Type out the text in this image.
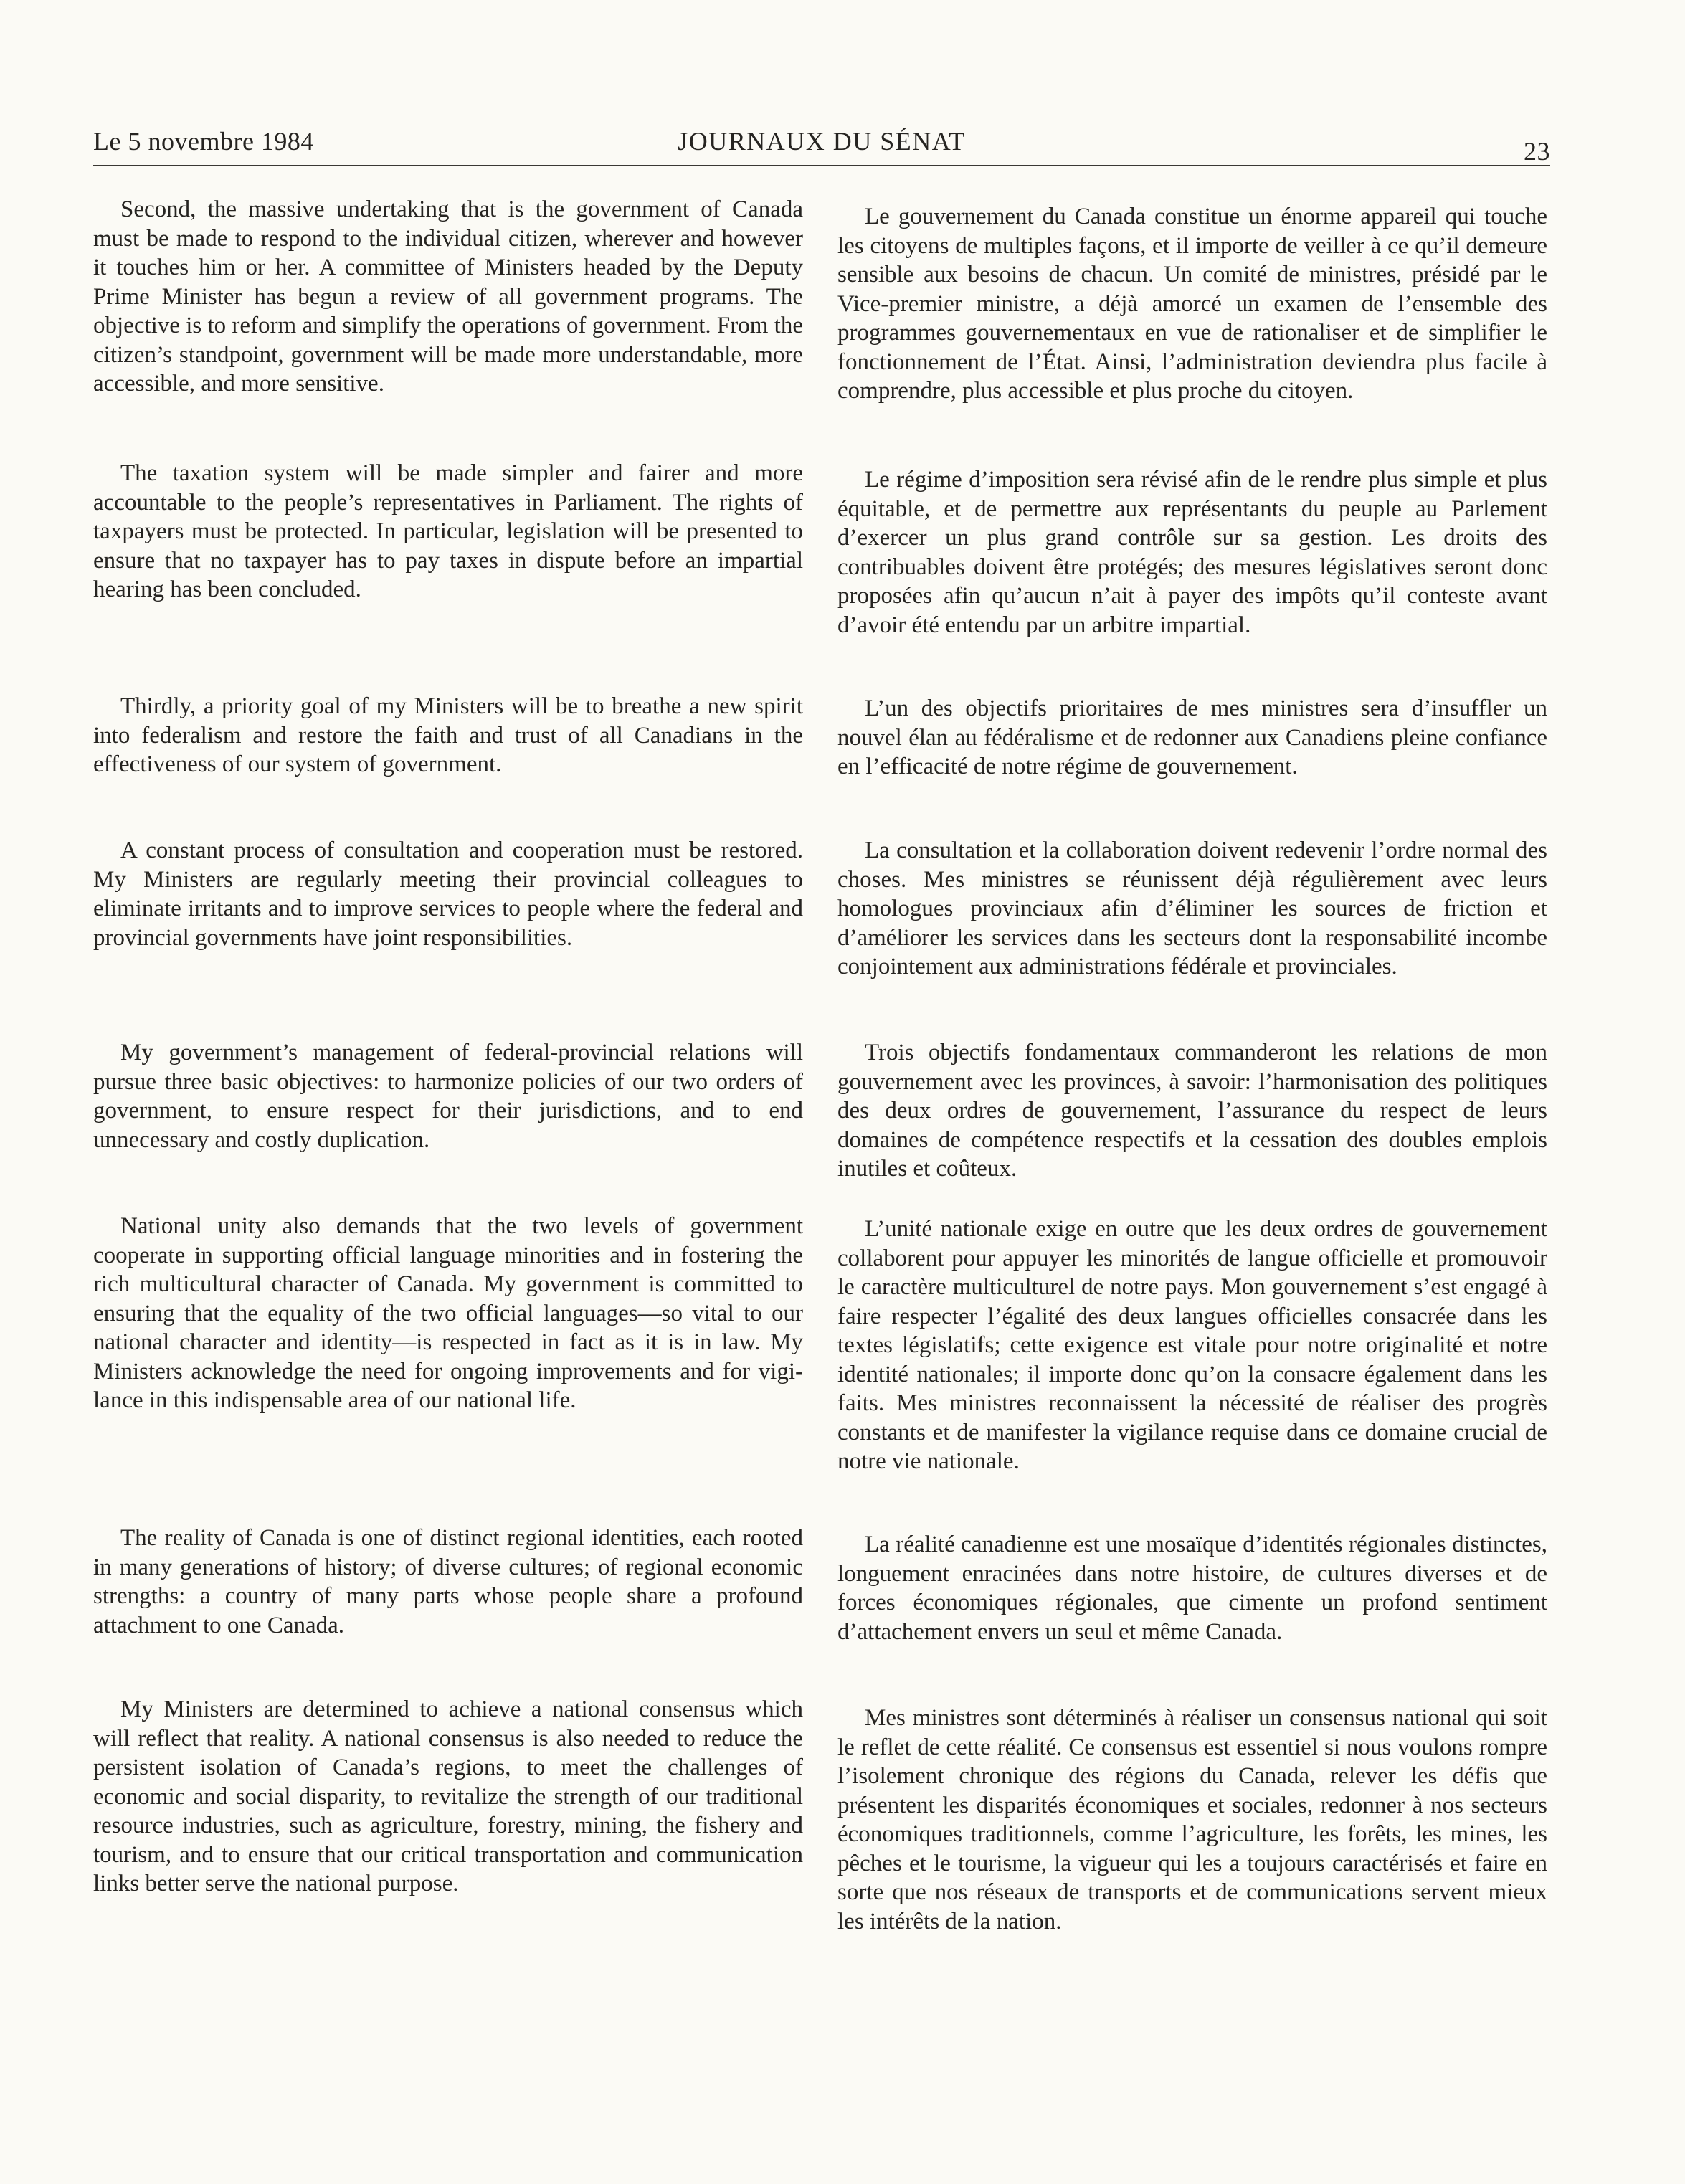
Le 5 novembre 1984	JOURNAUX DU SÉNAT	23

Second, the massive undertaking that is the government of Canada must be made to respond to the individual citizen, wherever and however it touches him or her. A committee of Ministers headed by the Deputy Prime Minister has begun a review of all government programs. The objective is to reform and simplify the operations of government. From the citizen’s standpoint, government will be made more understandable, more accessible, and more sensitive.

The taxation system will be made simpler and fairer and more accountable to the people’s representatives in Parliament. The rights of taxpayers must be protected. In particular, legislation will be presented to ensure that no taxpayer has to pay taxes in dispute before an impartial hearing has been concluded.

Thirdly, a priority goal of my Ministers will be to breathe a new spirit into federalism and restore the faith and trust of all Canadians in the effectiveness of our system of government.

A constant process of consultation and cooperation must be restored. My Ministers are regularly meeting their provincial colleagues to eliminate irritants and to improve services to people where the federal and provincial governments have joint responsibilities.

My government’s management of federal-provincial relations will pursue three basic objectives: to harmonize policies of our two orders of government, to ensure respect for their jurisdictions, and to end unnecessary and costly duplication.

National unity also demands that the two levels of government cooperate in supporting official language minorities and in fostering the rich multicultural character of Canada. My government is committed to ensuring that the equality of the two official languages—so vital to our national character and identity—is respected in fact as it is in law. My Ministers acknowledge the need for ongoing improvements and for vigilance in this indispensable area of our national life.

The reality of Canada is one of distinct regional identities, each rooted in many generations of history; of diverse cultures; of regional economic strengths: a country of many parts whose people share a profound attachment to one Canada.

My Ministers are determined to achieve a national consensus which will reflect that reality. A national consensus is also needed to reduce the persistent isolation of Canada’s regions, to meet the challenges of economic and social disparity, to revitalize the strength of our traditional resource industries, such as agriculture, forestry, mining, the fishery and tourism, and to ensure that our critical transportation and communication links better serve the national purpose.

Le gouvernement du Canada constitue un énorme appareil qui touche les citoyens de multiples façons, et il importe de veiller à ce qu’il demeure sensible aux besoins de chacun. Un comité de ministres, présidé par le Vice-premier ministre, a déjà amorcé un examen de l’ensemble des programmes gouvernementaux en vue de rationaliser et de simplifier le fonctionnement de l’État. Ainsi, l’administration deviendra plus facile à comprendre, plus accessible et plus proche du citoyen.

Le régime d’imposition sera révisé afin de le rendre plus simple et plus équitable, et de permettre aux représentants du peuple au Parlement d’exercer un plus grand contrôle sur sa gestion. Les droits des contribuables doivent être protégés; des mesures législatives seront donc proposées afin qu’aucun n’ait à payer des impôts qu’il conteste avant d’avoir été entendu par un arbitre impartial.

L’un des objectifs prioritaires de mes ministres sera d’insuffler un nouvel élan au fédéralisme et de redonner aux Canadiens pleine confiance en l’efficacité de notre régime de gouvernement.

La consultation et la collaboration doivent redevenir l’ordre normal des choses. Mes ministres se réunissent déjà régulièrement avec leurs homologues provinciaux afin d’éliminer les sources de friction et d’améliorer les services dans les secteurs dont la responsabilité incombe conjointement aux administrations fédérale et provinciales.

Trois objectifs fondamentaux commanderont les relations de mon gouvernement avec les provinces, à savoir: l’harmonisation des politiques des deux ordres de gouvernement, l’assurance du respect de leurs domaines de compétence respectifs et la cessation des doubles emplois inutiles et coûteux.

L’unité nationale exige en outre que les deux ordres de gouvernement collaborent pour appuyer les minorités de langue officielle et promouvoir le caractère multiculturel de notre pays. Mon gouvernement s’est engagé à faire respecter l’égalité des deux langues officielles consacrée dans les textes législatifs; cette exigence est vitale pour notre originalité et notre identité nationales; il importe donc qu’on la consacre également dans les faits. Mes ministres reconnaissent la nécessité de réaliser des progrès constants et de manifester la vigilance requise dans ce domaine crucial de notre vie nationale.

La réalité canadienne est une mosaïque d’identités régionales distinctes, longuement enracinées dans notre histoire, de cultures diverses et de forces économiques régionales, que cimente un profond sentiment d’attachement envers un seul et même Canada.

Mes ministres sont déterminés à réaliser un consensus national qui soit le reflet de cette réalité. Ce consensus est essentiel si nous voulons rompre l’isolement chronique des régions du Canada, relever les défis que présentent les disparités économiques et sociales, redonner à nos secteurs économiques traditionnels, comme l’agriculture, les forêts, les mines, les pêches et le tourisme, la vigueur qui les a toujours caractérisés et faire en sorte que nos réseaux de transports et de communications servent mieux les intérêts de la nation.
